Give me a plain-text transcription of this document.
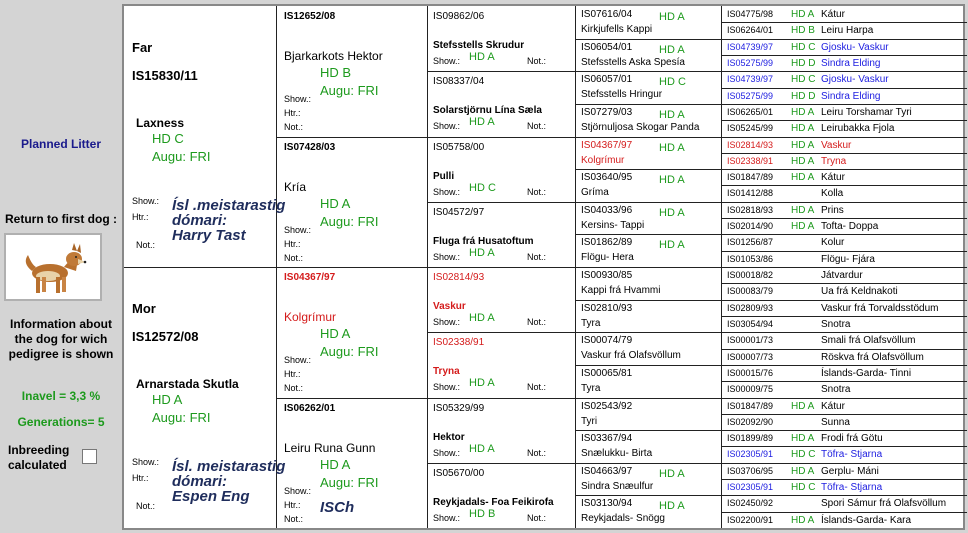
Planned Litter
Return to first dog :
Information about the dog for wich pedigree is shown
Inavel = 3,3 %
Generations= 5
Inbreeding calculated
Far
IS15830/11
Laxness
HD C
Augu: FRI
Show.:
Htr.:
Not.:
Ísl .meistarastig
dómari:
Harry Tast
Mor
IS12572/08
Arnarstada Skutla
HD A
Augu: FRI
Show.:
Htr.:
Not.:
Ísl. meistarastig
dómari:
Espen Eng
IS12652/08
Bjarkarkots Hektor
HD B
Augu: FRI
Show.:
Htr.:
Not.:
IS07428/03
Kría
HD A
Augu: FRI
Show.:
Htr.:
Not.:
IS04367/97
Kolgrímur
HD A
Augu: FRI
Show.:
Htr.:
Not.:
IS06262/01
Leiru Runa Gunn
HD A
Augu: FRI
Show.:
Htr.:
Not.:
ISCh
IS09862/06
Stefsstells Skrudur
Show.: HD A	Not.:
IS08337/04
Solarstjörnu Lína Sæla
Show.: HD A	Not.:
IS05758/00
Pulli
Show.: HD C	Not.:
IS04572/97
Fluga frá Husatoftum
Show.: HD A	Not.:
IS02814/93
Vaskur
Show.: HD A	Not.:
IS02338/91
Tryna
Show.: HD A	Not.:
IS05329/99
Hektor
Show.: HD A	Not.:
IS05670/00
Reykjadals- Foa Feikirofa
Show.: HD B	Not.:
IS07616/04 HD A
Kirkjufells Kappi
IS06054/01 HD A
Stefsstells Aska Spesía
IS06057/01 HD C
Stefsstells Hringur
IS07279/03 HD A
Stjörnuljosa Skogar Panda
IS04367/97 HD A
Kolgrímur
IS03640/95 HD A
Gríma
IS04033/96 HD A
Kersins- Tappi
IS01862/89 HD A
Flögu- Hera
IS00930/85
Kappi frá Hvammi
IS02810/93
Tyra
IS00074/79
Vaskur frá Olafsvöllum
IS00065/81
Tyra
IS02543/92
Tyri
IS03367/94
Snælukku- Birta
IS04663/97 HD A
Sindra Snæulfur
IS03130/94 HD A
Reykjadals- Snögg
IS04775/98 HD A Kátur
IS06264/01 HD B Leiru Harpa
IS04739/97 HD C Gjosku- Vaskur
IS05275/99 HD D Sindra Elding
IS04739/97 HD C Gjosku- Vaskur
IS05275/99 HD D Sindra Elding
IS06265/01 HD A Leiru Torshamar Tyri
IS05245/99 HD A Leirubakka Fjola
IS02814/93 HD A Vaskur
IS02338/91 HD A Tryna
IS01847/89 HD A Kátur
IS01412/88	Kolla
IS02818/93 HD A Prins
IS02014/90 HD A Tofta- Doppa
IS01256/87	Kolur
IS01053/86	Flögu- Fjára
IS00018/82	Játvardur
IS00083/79	Ua frá Keldnakoti
IS02809/93	Vaskur frá Torvaldsstödum
IS03054/94	Snotra
IS00001/73	Smali frá Olafsvöllum
IS00007/73	Röskva frá Olafsvöllum
IS00015/76	Íslands-Garda- Tinni
IS00009/75	Snotra
IS01847/89 HD A Kátur
IS02092/90	Sunna
IS01899/89 HD A Frodi frá Götu
IS02305/91 HD C Töfra- Stjarna
IS03706/95 HD A Gerplu- Máni
IS02305/91 HD C Töfra- Stjarna
IS02450/92	Spori Sámur frá Olafsvöllum
IS02200/91 HD A Íslands-Garda- Kara
